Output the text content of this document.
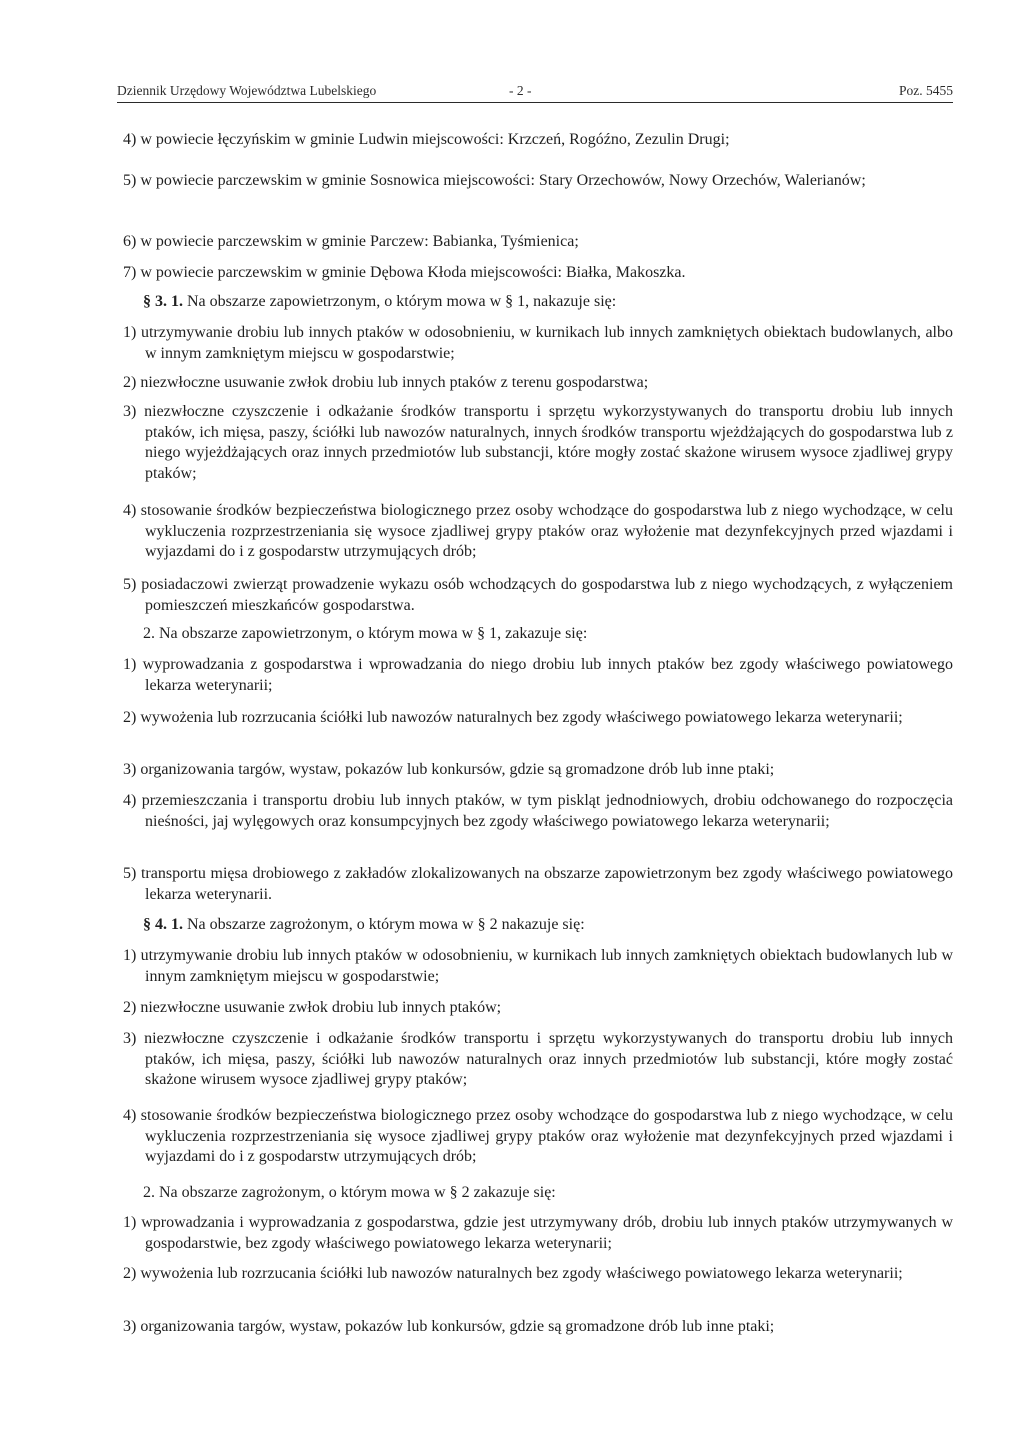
Dziennik Urzędowy Województwa Lubelskiego	- 2 -	Poz. 5455

4) w powiecie łęczyńskim w gminie Ludwin miejscowości: Krzczeń, Rogóźno, Zezulin Drugi;

5) w powiecie parczewskim w gminie Sosnowica miejscowości: Stary Orzechowów, Nowy Orzechów, Walerianów;

6) w powiecie parczewskim w gminie Parczew: Babianka, Tyśmienica;

7) w powiecie parczewskim w gminie Dębowa Kłoda miejscowości: Białka, Makoszka.

§ 3. 1. Na obszarze zapowietrzonym, o którym mowa w § 1, nakazuje się:

1) utrzymywanie drobiu lub innych ptaków w odosobnieniu, w kurnikach lub innych zamkniętych obiektach budowlanych, albo w innym zamkniętym miejscu w gospodarstwie;

2) niezwłoczne usuwanie zwłok drobiu lub innych ptaków z terenu gospodarstwa;

3) niezwłoczne czyszczenie i odkażanie środków transportu i sprzętu wykorzystywanych do transportu drobiu lub innych ptaków, ich mięsa, paszy, ściółki lub nawozów naturalnych, innych środków transportu wjeżdżających do gospodarstwa lub z niego wyjeżdżających oraz innych przedmiotów lub substancji, które mogły zostać skażone wirusem wysoce zjadliwej grypy ptaków;

4) stosowanie środków bezpieczeństwa biologicznego przez osoby wchodzące do gospodarstwa lub z niego wychodzące, w celu wykluczenia rozprzestrzeniania się wysoce zjadliwej grypy ptaków oraz wyłożenie mat dezynfekcyjnych przed wjazdami i wyjazdami do i z gospodarstw utrzymujących drób;

5) posiadaczowi zwierząt prowadzenie wykazu osób wchodzących do gospodarstwa lub z niego wychodzących, z wyłączeniem pomieszczeń mieszkańców gospodarstwa.

2. Na obszarze zapowietrzonym, o którym mowa w § 1, zakazuje się:

1) wyprowadzania z gospodarstwa i wprowadzania do niego drobiu lub innych ptaków bez zgody właściwego powiatowego lekarza weterynarii;

2) wywożenia lub rozrzucania ściółki lub nawozów naturalnych bez zgody właściwego powiatowego lekarza weterynarii;

3) organizowania targów, wystaw, pokazów lub konkursów, gdzie są gromadzone drób lub inne ptaki;

4) przemieszczania i transportu drobiu lub innych ptaków, w tym piskląt jednodniowych, drobiu odchowanego do rozpoczęcia nieśności, jaj wylęgowych oraz konsumpcyjnych bez zgody właściwego powiatowego lekarza weterynarii;

5) transportu mięsa drobiowego z zakładów zlokalizowanych na obszarze zapowietrzonym bez zgody właściwego powiatowego lekarza weterynarii.

§ 4. 1. Na obszarze zagrożonym, o którym mowa w § 2 nakazuje się:

1) utrzymywanie drobiu lub innych ptaków w odosobnieniu, w kurnikach lub innych zamkniętych obiektach budowlanych lub w innym zamkniętym miejscu w gospodarstwie;

2) niezwłoczne usuwanie zwłok drobiu lub innych ptaków;

3) niezwłoczne czyszczenie i odkażanie środków transportu i sprzętu wykorzystywanych do transportu drobiu lub innych ptaków, ich mięsa, paszy, ściółki lub nawozów naturalnych oraz innych przedmiotów lub substancji, które mogły zostać skażone wirusem wysoce zjadliwej grypy ptaków;

4) stosowanie środków bezpieczeństwa biologicznego przez osoby wchodzące do gospodarstwa lub z niego wychodzące, w celu wykluczenia rozprzestrzeniania się wysoce zjadliwej grypy ptaków oraz wyłożenie mat dezynfekcyjnych przed wjazdami i wyjazdami do i z gospodarstw utrzymujących drób;

2. Na obszarze zagrożonym, o którym mowa w § 2 zakazuje się:

1) wprowadzania i wyprowadzania z gospodarstwa, gdzie jest utrzymywany drób, drobiu lub innych ptaków utrzymywanych w gospodarstwie, bez zgody właściwego powiatowego lekarza weterynarii;

2) wywożenia lub rozrzucania ściółki lub nawozów naturalnych bez zgody właściwego powiatowego lekarza weterynarii;

3) organizowania targów, wystaw, pokazów lub konkursów, gdzie są gromadzone drób lub inne ptaki;
